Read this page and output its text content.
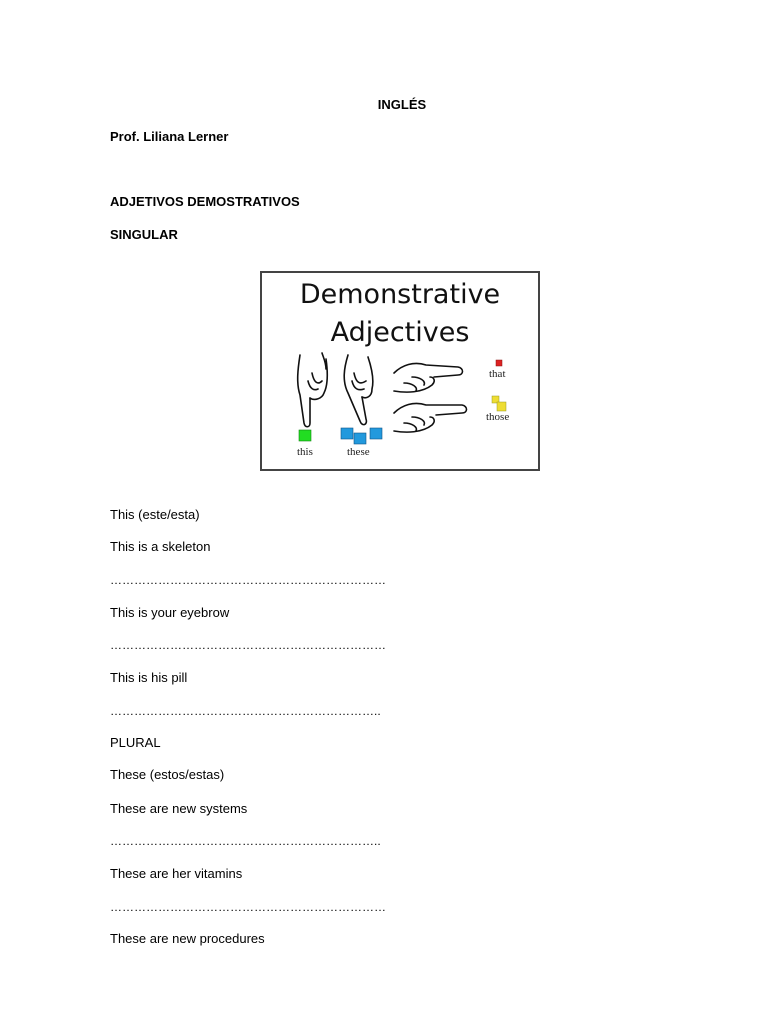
INGLÉS
Prof. Liliana Lerner
ADJETIVOS DEMOSTRATIVOS
SINGULAR
Demonstrative
Adjectives
this	these
that
those
This (este/esta)
This is a skeleton
……………………………………………………………
This is your eyebrow
……………………………………………………………
This is his pill
…………………………………………………………..
PLURAL
These (estos/estas)
These are new systems
…………………………………………………………..
These are her vitamins
……………………………………………………………
These are new procedures
